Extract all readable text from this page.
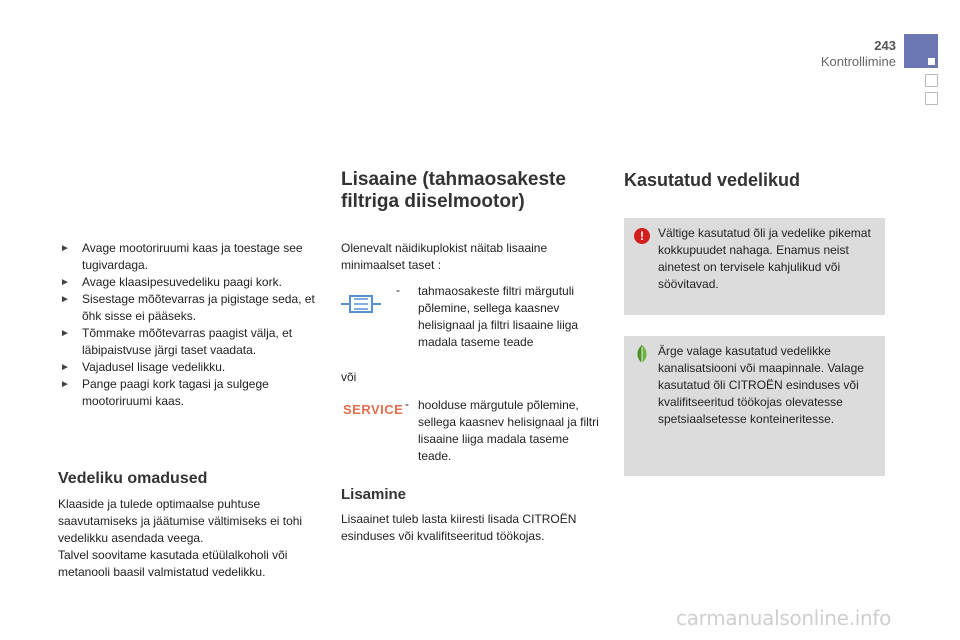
243
Kontrollimine

► Avage mootoriruumi kaas ja toestage see tugivardaga.

► Avage klaasipesuvedeliku paagi kork.

► Sisestage mõõtevarras ja pigistage seda, et õhk sisse ei pääseks.

► Tõmmake mõõtevarras paagist välja, et läbipaistvuse järgi taset vaadata.

► Vajadusel lisage vedelikku.

► Pange paagi kork tagasi ja sulgege mootoriruumi kaas.

Vedeliku omadused
Klaaside ja tulede optimaalse puhtuse saavutamiseks ja jäätumise vältimiseks ei tohi vedelikku asendada veega.
Talvel soovitame kasutada etüülalkoholi või metanooli baasil valmistatud vedelikku.
Lisaaine (tahmaosakeste
filtriga diiselmootor)
Olenevalt näidikuplokist näitab lisaaine minimaalset taset :
- tahmaosakeste filtri märgutuli põlemine, sellega kaasnev helisignaal ja filtri lisaaine liiga madala taseme teade
või
SERVICE - hoolduse märgutule põlemine, sellega kaasnev helisignaal ja filtri lisaaine liiga madala taseme teade.
Lisamine
Lisaainet tuleb lasta kiiresti lisada CITROËN esinduses või kvalifitseeritud töökojas.
Kasutatud vedelikud
!	Vältige kasutatud õli ja vedelike pikemat kokkupuudet nahaga. Enamus neist ainetest on tervisele kahjulikud või söövitavad.
Ärge valage kasutatud vedelikke kanalisatsiooni või maapinnale. Valage kasutatud õli CITROËN esinduses või kvalifitseeritud töökojas olevatesse spetsiaalsetesse konteineritesse.
carmanualsonline.info
